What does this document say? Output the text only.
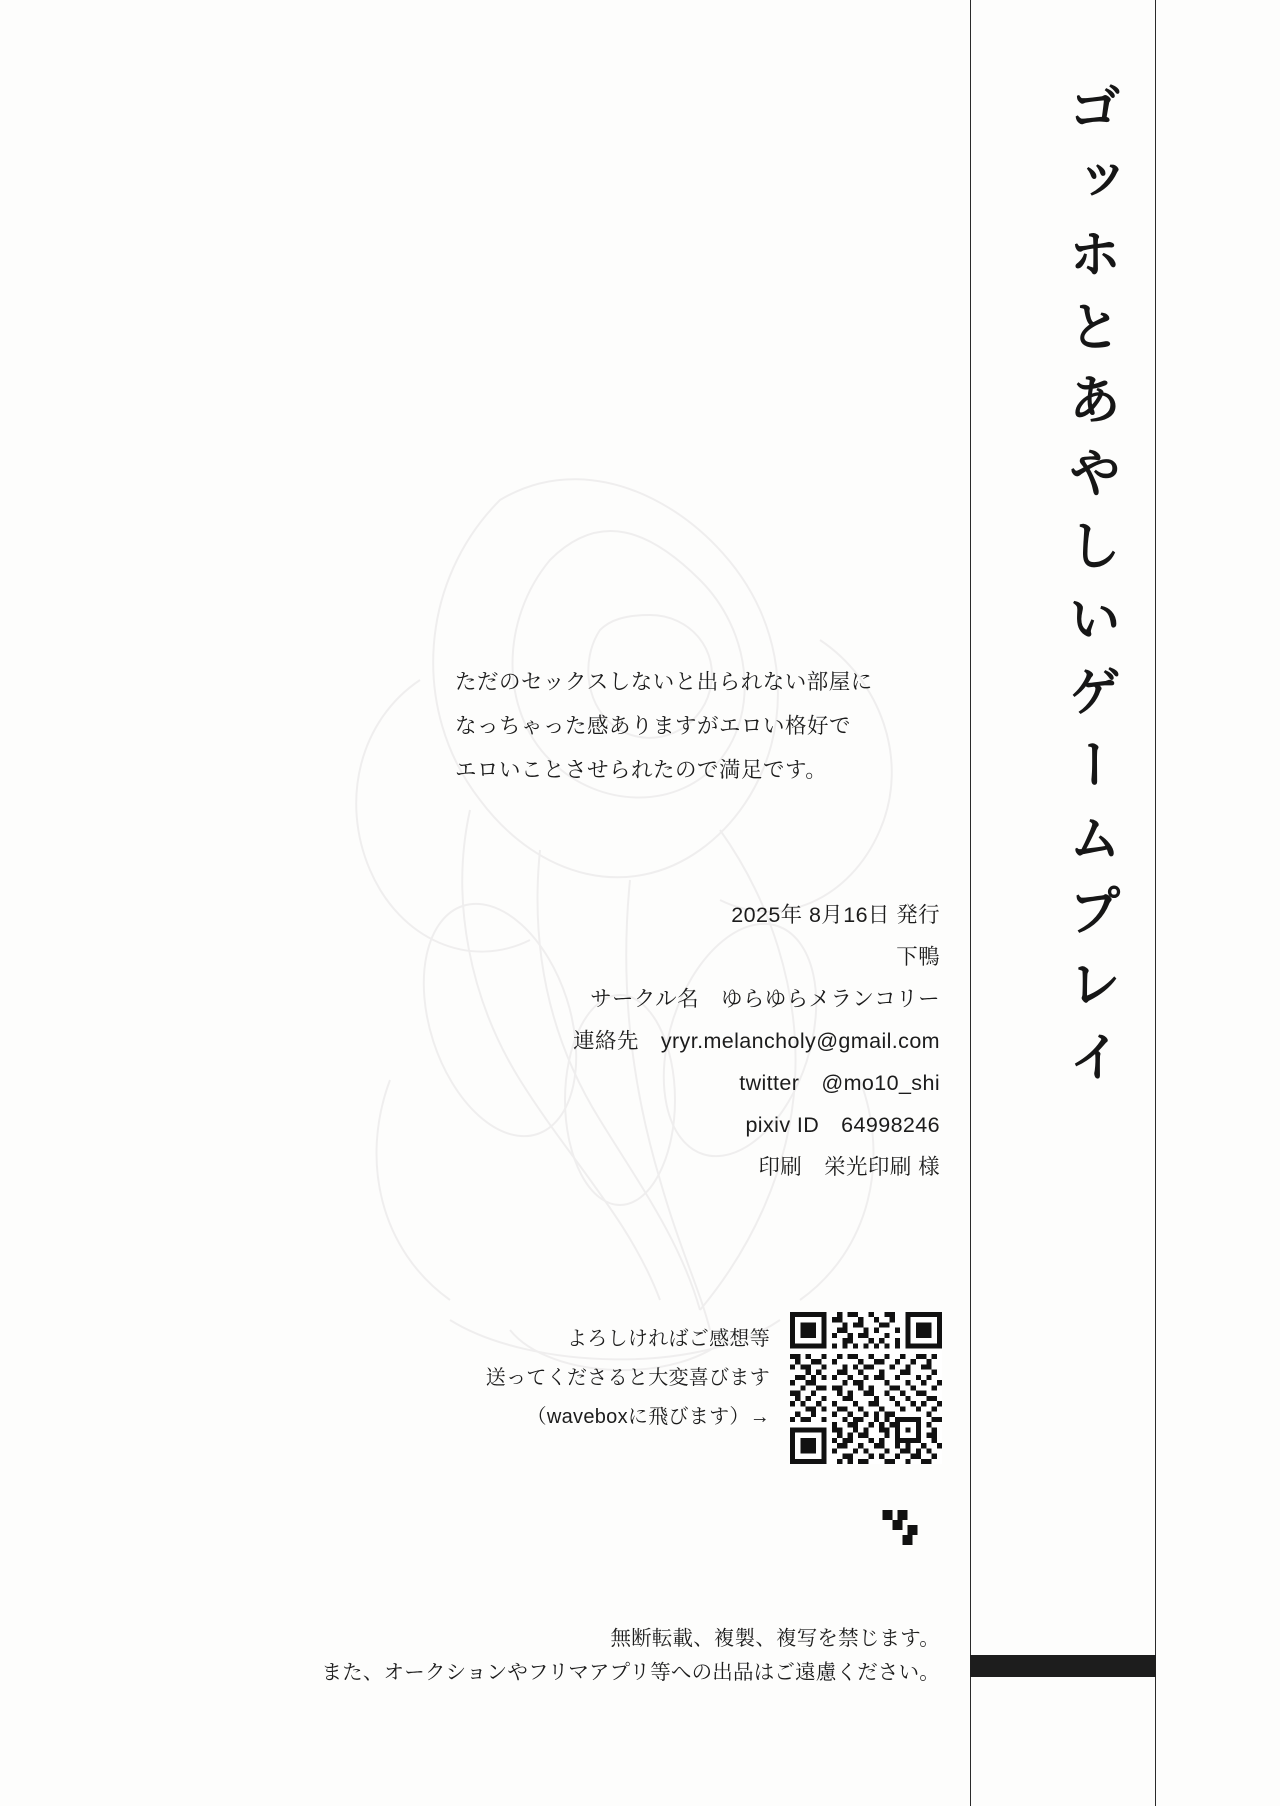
ただのセックスしないと出られない部屋に
なっちゃった感ありますがエロい格好で
エロいことさせられたので満足です。
2025年 8月16日 発行
下鴨
サークル名 ゆらゆらメランコリー
連絡先 yryr.melancholy@gmail.com
twitter @mo10_shi
pixiv ID 64998246
印刷 栄光印刷 様
よろしければご感想等
送ってくださると大変喜びます
（waveboxに飛びます）→
無断転載、複製、複写を禁じます。
また、オークションやフリマアプリ等への出品はご遠慮ください。
ゴッホとあやしいゲームプレイ
